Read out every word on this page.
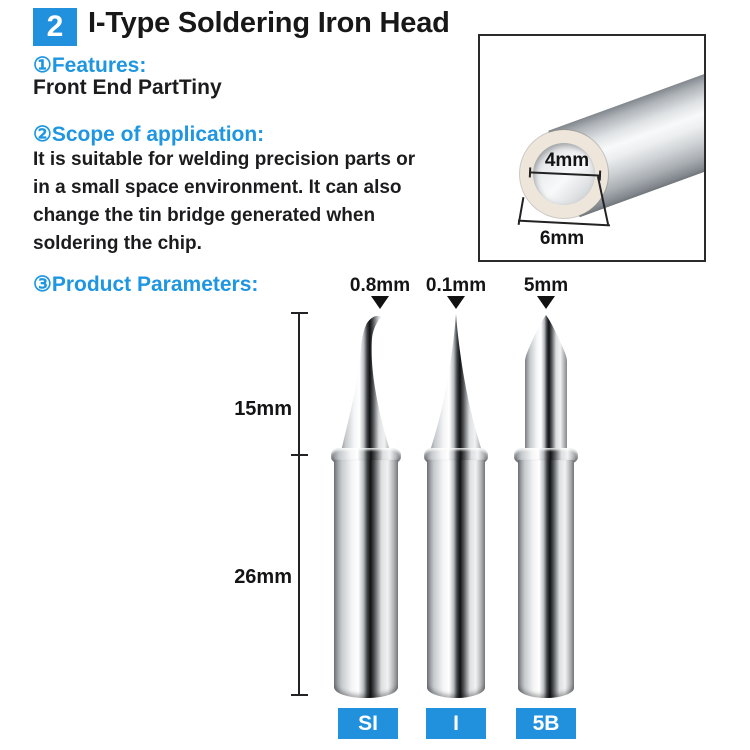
2 I-Type Soldering Iron Head
①Features:
Front End PartTiny
②Scope of application:
It is suitable for welding precision parts or
in a small space environment. It can also
change the tin bridge generated when
soldering the chip.
③Product Parameters:
4mm
6mm
15mm
26mm
0.8mm 0.1mm	5mm
SI	I	5B
